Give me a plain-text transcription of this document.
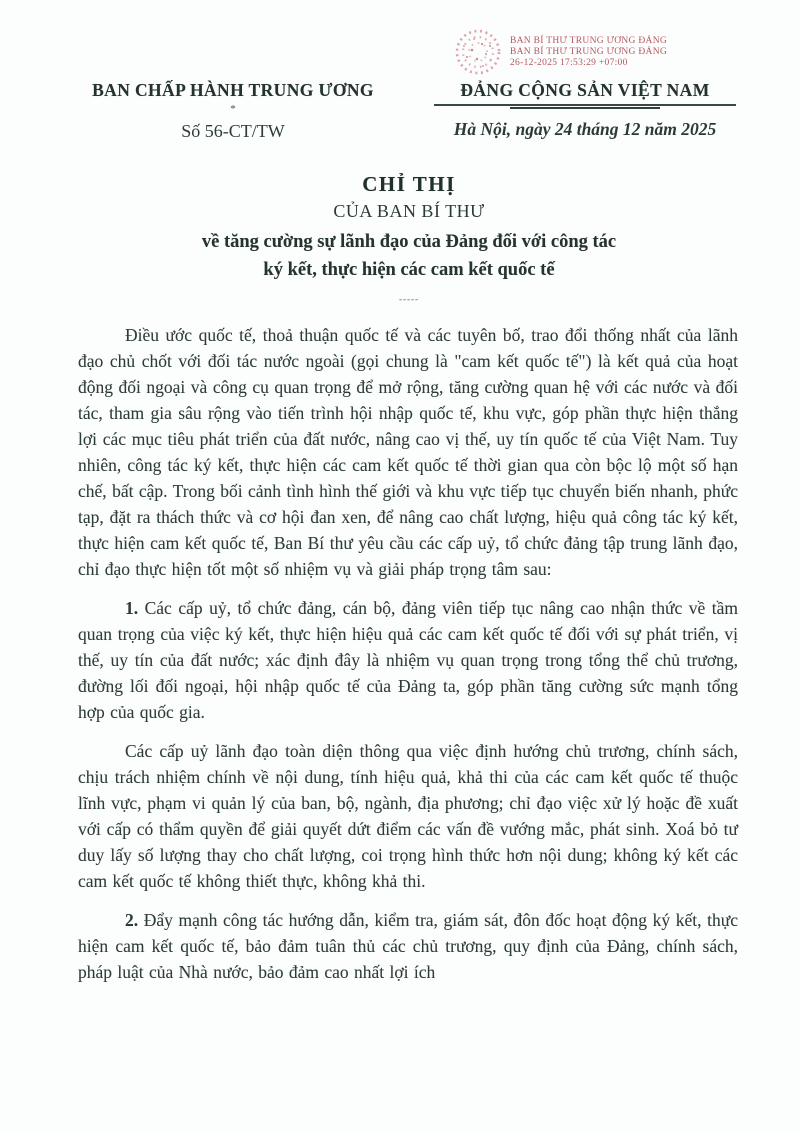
BAN BÍ THƯ TRUNG ƯƠNG ĐẢNG
BAN BÍ THƯ TRUNG ƯƠNG ĐẢNG
26-12-2025 17:53:29 +07:00
BAN CHẤP HÀNH TRUNG ƯƠNG
*
Số 56-CT/TW
ĐẢNG CỘNG SẢN VIỆT NAM
Hà Nội, ngày 24 tháng 12 năm 2025
CHỈ THỊ
CỦA BAN BÍ THƯ
về tăng cường sự lãnh đạo của Đảng đối với công tác
ký kết, thực hiện các cam kết quốc tế
-----

Điều ước quốc tế, thoả thuận quốc tế và các tuyên bố, trao đổi thống nhất của lãnh đạo chủ chốt với đối tác nước ngoài (gọi chung là "cam kết quốc tế") là kết quả của hoạt động đối ngoại và công cụ quan trọng để mở rộng, tăng cường quan hệ với các nước và đối tác, tham gia sâu rộng vào tiến trình hội nhập quốc tế, khu vực, góp phần thực hiện thắng lợi các mục tiêu phát triển của đất nước, nâng cao vị thế, uy tín quốc tế của Việt Nam. Tuy nhiên, công tác ký kết, thực hiện các cam kết quốc tế thời gian qua còn bộc lộ một số hạn chế, bất cập. Trong bối cảnh tình hình thế giới và khu vực tiếp tục chuyển biến nhanh, phức tạp, đặt ra thách thức và cơ hội đan xen, để nâng cao chất lượng, hiệu quả công tác ký kết, thực hiện cam kết quốc tế, Ban Bí thư yêu cầu các cấp uỷ, tổ chức đảng tập trung lãnh đạo, chỉ đạo thực hiện tốt một số nhiệm vụ và giải pháp trọng tâm sau:

1. Các cấp uỷ, tổ chức đảng, cán bộ, đảng viên tiếp tục nâng cao nhận thức về tầm quan trọng của việc ký kết, thực hiện hiệu quả các cam kết quốc tế đối với sự phát triển, vị thế, uy tín của đất nước; xác định đây là nhiệm vụ quan trọng trong tổng thể chủ trương, đường lối đối ngoại, hội nhập quốc tế của Đảng ta, góp phần tăng cường sức mạnh tổng hợp của quốc gia.

Các cấp uỷ lãnh đạo toàn diện thông qua việc định hướng chủ trương, chính sách, chịu trách nhiệm chính về nội dung, tính hiệu quả, khả thi của các cam kết quốc tế thuộc lĩnh vực, phạm vi quản lý của ban, bộ, ngành, địa phương; chỉ đạo việc xử lý hoặc đề xuất với cấp có thẩm quyền để giải quyết dứt điểm các vấn đề vướng mắc, phát sinh. Xoá bỏ tư duy lấy số lượng thay cho chất lượng, coi trọng hình thức hơn nội dung; không ký kết các cam kết quốc tế không thiết thực, không khả thi.

2. Đẩy mạnh công tác hướng dẫn, kiểm tra, giám sát, đôn đốc hoạt động ký kết, thực hiện cam kết quốc tế, bảo đảm tuân thủ các chủ trương, quy định của Đảng, chính sách, pháp luật của Nhà nước, bảo đảm cao nhất lợi ích
